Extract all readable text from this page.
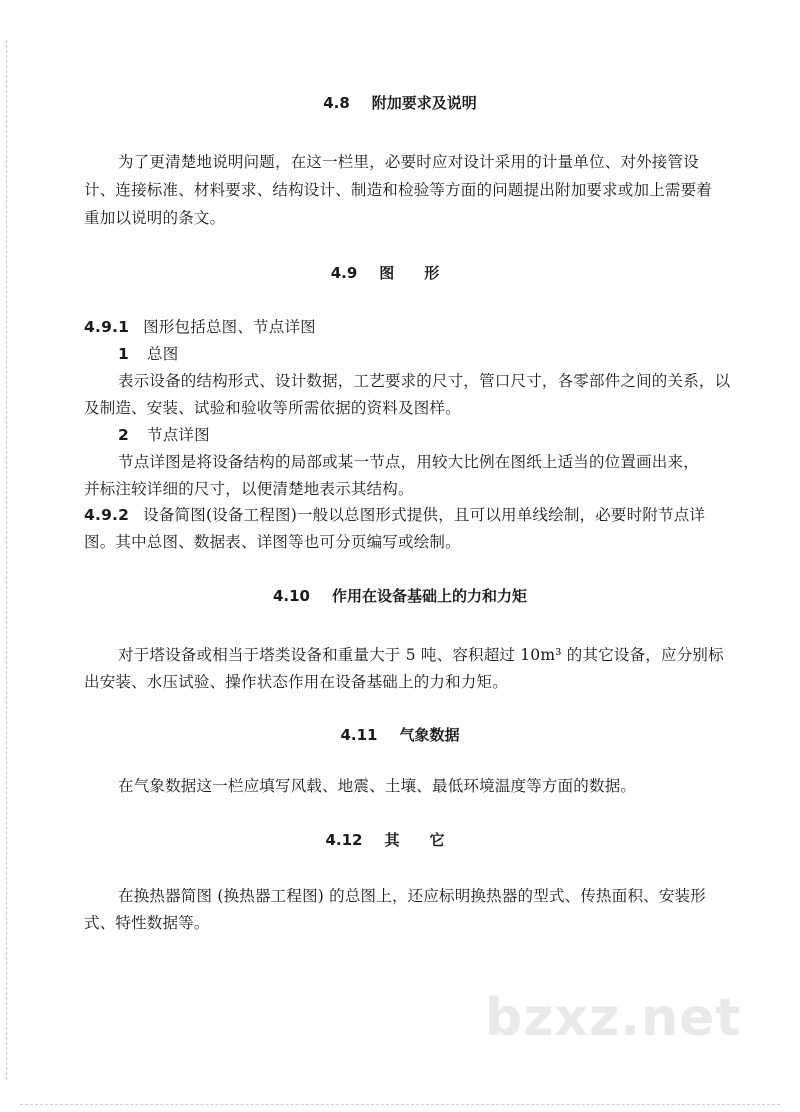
4.8 附加要求及说明
为了更清楚地说明问题，在这一栏里，必要时应对设计采用的计量单位、对外接管设
计、连接标准、材料要求、结构设计、制造和检验等方面的问题提出附加要求或加上需要着
重加以说明的条文。
4.9 图形
4.9.1 图形包括总图、节点详图
1 总图
表示设备的结构形式、设计数据，工艺要求的尺寸，管口尺寸，各零部件之间的关系，以
及制造、安装、试验和验收等所需依据的资料及图样。
2 节点详图
节点详图是将设备结构的局部或某一节点，用较大比例在图纸上适当的位置画出来，
并标注较详细的尺寸，以便清楚地表示其结构。
4.9.2 设备简图(设备工程图)一般以总图形式提供，且可以用单线绘制，必要时附节点详
图。其中总图、数据表、详图等也可分页编写或绘制。
4.10 作用在设备基础上的力和力矩
对于塔设备或相当于塔类设备和重量大于 5 吨、容积超过 10m³ 的其它设备，应分别标
出安装、水压试验、操作状态作用在设备基础上的力和力矩。
4.11 气象数据
在气象数据这一栏应填写风载、地震、土壤、最低环境温度等方面的数据。
4.12 其它
在换热器简图 (换热器工程图) 的总图上，还应标明换热器的型式、传热面积、安装形
式、特性数据等。
bzxz.net
